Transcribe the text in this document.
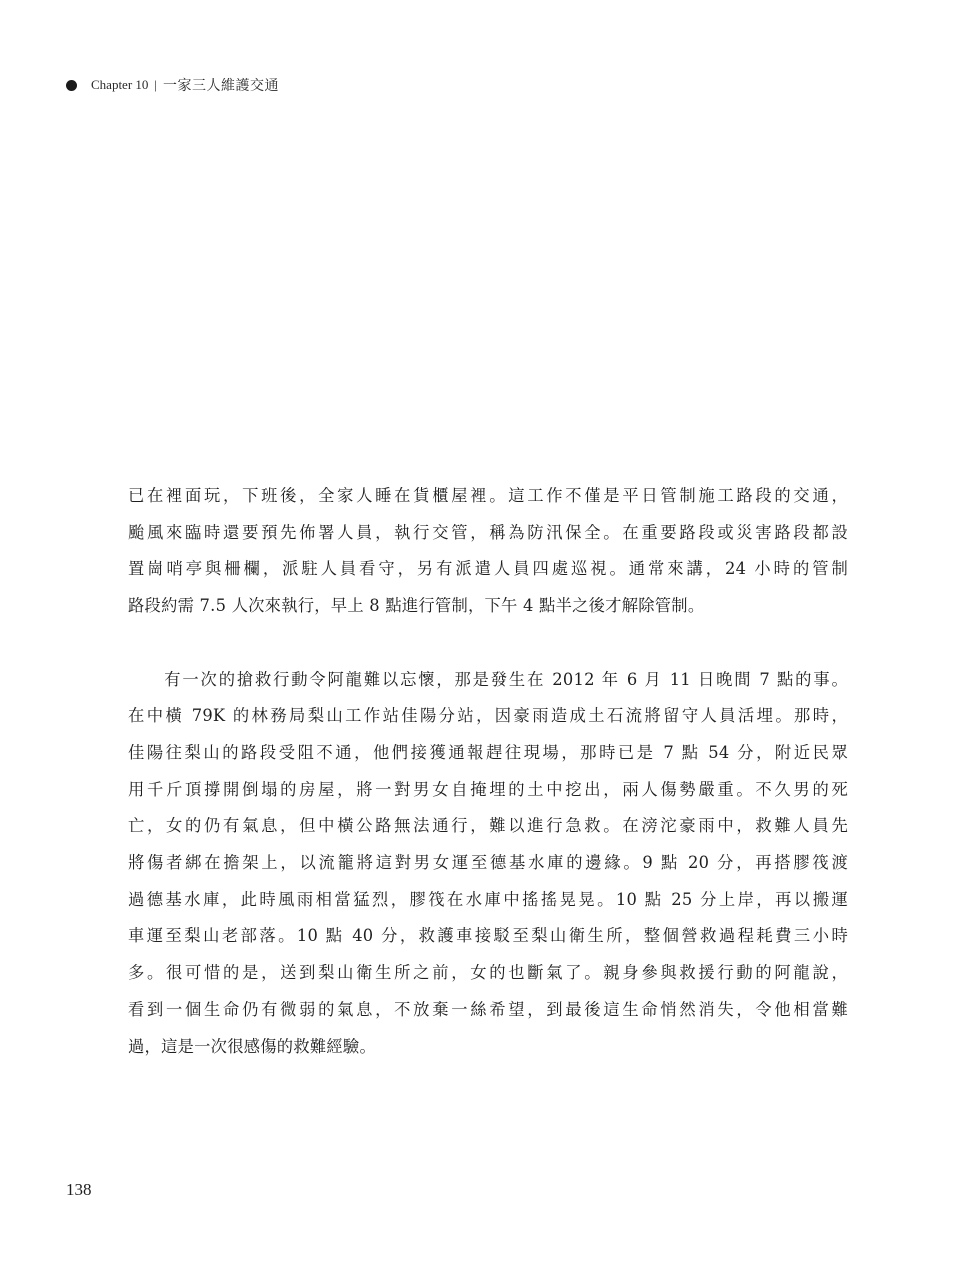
Chapter 10 | 一家三人維護交通

已在裡面玩，下班後，全家人睡在貨櫃屋裡。這工作不僅是平日管制施工路段的交通，
颱風來臨時還要預先佈署人員，執行交管，稱為防汛保全。在重要路段或災害路段都設
置崗哨亭與柵欄，派駐人員看守，另有派遣人員四處巡視。通常來講，24 小時的管制
路段約需 7.5 人次來執行，早上 8 點進行管制，下午 4 點半之後才解除管制。

　　有一次的搶救行動令阿龍難以忘懷，那是發生在 2012 年 6 月 11 日晚間 7 點的事。
在中橫 79K 的林務局梨山工作站佳陽分站，因豪雨造成土石流將留守人員活埋。那時，
佳陽往梨山的路段受阻不通，他們接獲通報趕往現場，那時已是 7 點 54 分，附近民眾
用千斤頂撐開倒塌的房屋，將一對男女自掩埋的土中挖出，兩人傷勢嚴重。不久男的死
亡，女的仍有氣息，但中橫公路無法通行，難以進行急救。在滂沱豪雨中，救難人員先
將傷者綁在擔架上，以流籠將這對男女運至德基水庫的邊緣。9 點 20 分，再搭膠筏渡
過德基水庫，此時風雨相當猛烈，膠筏在水庫中搖搖晃晃。10 點 25 分上岸，再以搬運
車運至梨山老部落。10 點 40 分，救護車接駁至梨山衛生所，整個營救過程耗費三小時
多。很可惜的是，送到梨山衛生所之前，女的也斷氣了。親身參與救援行動的阿龍說，
看到一個生命仍有微弱的氣息，不放棄一絲希望，到最後這生命悄然消失，令他相當難
過，這是一次很感傷的救難經驗。

138
